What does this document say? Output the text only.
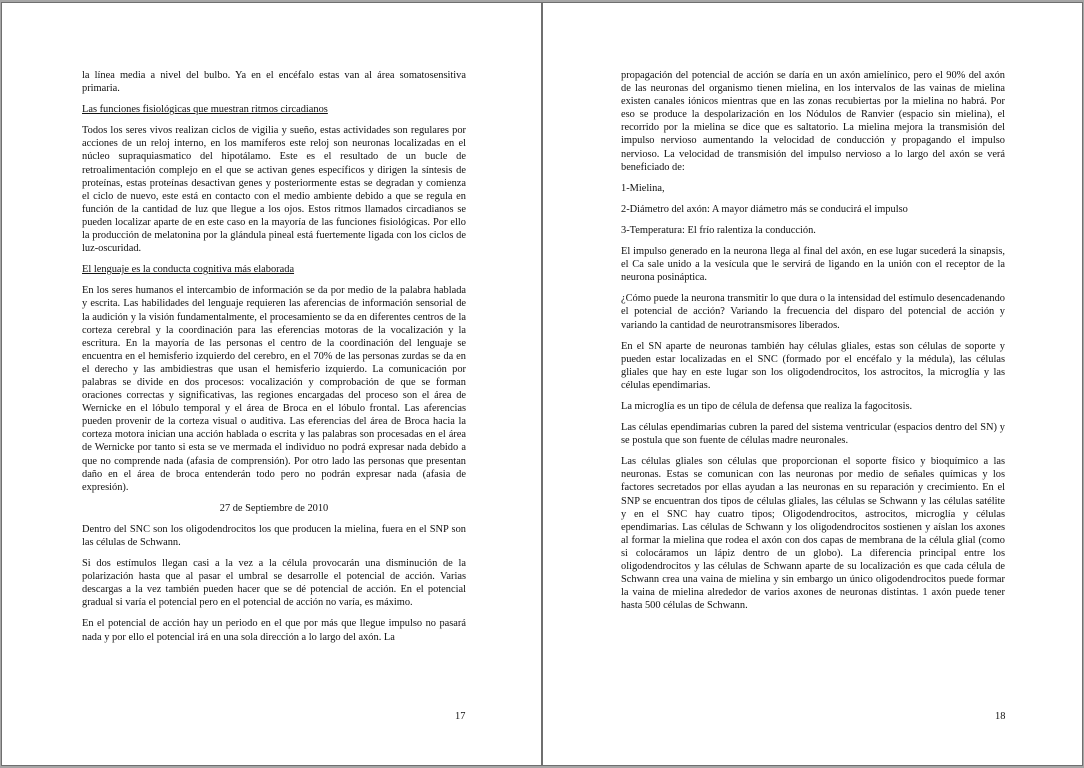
la línea media a nivel del bulbo. Ya en el encéfalo estas van al área somatosensitiva primaria.

Las funciones fisiológicas que muestran ritmos circadianos

Todos los seres vivos realizan ciclos de vigilia y sueño, estas actividades son regulares por acciones de un reloj interno, en los mamíferos este reloj son neuronas localizadas en el núcleo supraquiasmatico del hipotálamo. Este es el resultado de un bucle de retroalimentación complejo en el que se activan genes específicos y dirigen la síntesis de proteínas, estas proteínas desactivan genes y posteriormente estas se degradan y comienza el ciclo de nuevo, este está en contacto con el medio ambiente debido a que se regula en función de la cantidad de luz que llegue a los ojos. Estos ritmos llamados circadianos se pueden localizar aparte de en este caso en la mayoría de las funciones fisiológicas. Por ello la producción de melatonina por la glándula pineal está fuertemente ligada con los ciclos de luz-oscuridad.

El lenguaje es la conducta cognitiva más elaborada

En los seres humanos el intercambio de información se da por medio de la palabra hablada y escrita. Las habilidades del lenguaje requieren las aferencias de información sensorial de la audición y la visión fundamentalmente, el procesamiento se da en diferentes centros de la corteza cerebral y la coordinación para las eferencias motoras de la vocalización y la escritura. En la mayoría de las personas el centro de la coordinación del lenguaje se encuentra en el hemisferio izquierdo del cerebro, en el 70% de las personas zurdas se da en el derecho y las ambidiestras que usan el hemisferio izquierdo. La comunicación por palabras se divide en dos procesos: vocalización y comprobación de que se forman oraciones correctas y significativas, las regiones encargadas del proceso son el área de Wernicke en el lóbulo temporal y el área de Broca en el lóbulo frontal. Las aferencias pueden provenir de la corteza visual o auditiva. Las eferencias del área de Broca hacia la corteza motora inician una acción hablada o escrita y las palabras son procesadas en el área de Wernicke por tanto si esta se ve mermada el individuo no podrá expresar nada debido a que no comprende nada (afasia de comprensión). Por otro lado las personas que presentan daño en el área de broca entenderán todo pero no podrán expresar nada (afasia de expresión).

27 de Septiembre de 2010

Dentro del SNC son los oligodendrocitos los que producen la mielina, fuera en el SNP son las células de Schwann.

Si dos estímulos llegan casi a la vez a la célula provocarán una disminución de la polarización hasta que al pasar el umbral se desarrolle el potencial de acción. Varias descargas a la vez también pueden hacer que se dé potencial de acción. En el potencial gradual si varía el potencial pero en el potencial de acción no varía, es máximo.

En el potencial de acción hay un periodo en el que por más que llegue impulso no pasará nada y por ello el potencial irá en una sola dirección a lo largo del axón. La

17

propagación del potencial de acción se daría en un axón amielínico, pero el 90% del axón de las neuronas del organismo tienen mielina, en los intervalos de las vainas de mielina existen canales iónicos mientras que en las zonas recubiertas por la mielina no habrá. Por eso se produce la despolarización en los Nódulos de Ranvier (espacio sin mielina), el recorrido por la mielina se dice que es saltatorio. La mielina mejora la transmisión del impulso nervioso aumentando la velocidad de conducción y propagando el impulso nervioso. La velocidad de transmisión del impulso nervioso a lo largo del axón se verá beneficiado de:

1-Mielina,

2-Diámetro del axón: A mayor diámetro más se conducirá el impulso

3-Temperatura: El frío ralentiza la conducción.

El impulso generado en la neurona llega al final del axón, en ese lugar sucederá la sinapsis, el Ca sale unido a la vesícula que le servirá de ligando en la unión con el receptor de la neurona posináptica.

¿Cómo puede la neurona transmitir lo que dura o la intensidad del estímulo desencadenando el potencial de acción? Variando la frecuencia del disparo del potencial de acción y variando la cantidad de neurotransmisores liberados.

En el SN aparte de neuronas también hay células gliales, estas son células de soporte y pueden estar localizadas en el SNC (formado por el encéfalo y la médula), las células gliales que hay en este lugar son los oligodendrocitos, los astrocitos, la microglía y las células ependimarias.

La microglía es un tipo de célula de defensa que realiza la fagocitosis.

Las células ependimarias cubren la pared del sistema ventricular (espacios dentro del SN) y se postula que son fuente de células madre neuronales.

Las células gliales son células que proporcionan el soporte físico y bioquímico a las neuronas. Estas se comunican con las neuronas por medio de señales químicas y los factores secretados por ellas ayudan a las neuronas en su reparación y crecimiento. En el SNP se encuentran dos tipos de células gliales, las células se Schwann y las células satélite y en el SNC hay cuatro tipos; Oligodendrocitos, astrocitos, microglía y células ependimarias. Las células de Schwann y los oligodendrocitos sostienen y aíslan los axones al formar la mielina que rodea el axón con dos capas de membrana de la célula glial (como si colocáramos un lápiz dentro de un globo). La diferencia principal entre los oligodendrocitos y las células de Schwann aparte de su localización es que cada célula de Schwann crea una vaina de mielina y sin embargo un único oligodendrocitos puede formar la vaina de mielina alrededor de varios axones de neuronas distintas. 1 axón puede tener hasta 500 células de Schwann.

18
